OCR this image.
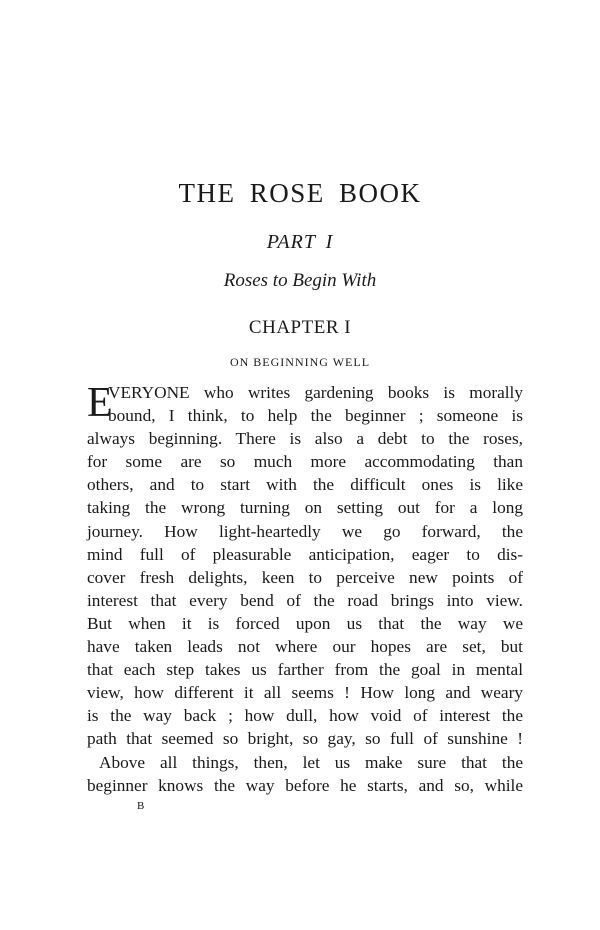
THE ROSE BOOK
PART I
Roses to Begin With
CHAPTER I
ON BEGINNING WELL
E
VERYONE who writes gardening books is morally
bound, I think, to help the beginner ; someone is
always beginning. There is also a debt to the roses,
for some are so much more accommodating than
others, and to start with the difficult ones is like
taking the wrong turning on setting out for a long
journey. How light-heartedly we go forward, the
mind full of pleasurable anticipation, eager to dis-
cover fresh delights, keen to perceive new points of
interest that every bend of the road brings into view.
But when it is forced upon us that the way we
have taken leads not where our hopes are set, but
that each step takes us farther from the goal in mental
view, how different it all seems ! How long and weary
is the way back ; how dull, how void of interest the
path that seemed so bright, so gay, so full of sunshine !
Above all things, then, let us make sure that the
beginner knows the way before he starts, and so, while
B
